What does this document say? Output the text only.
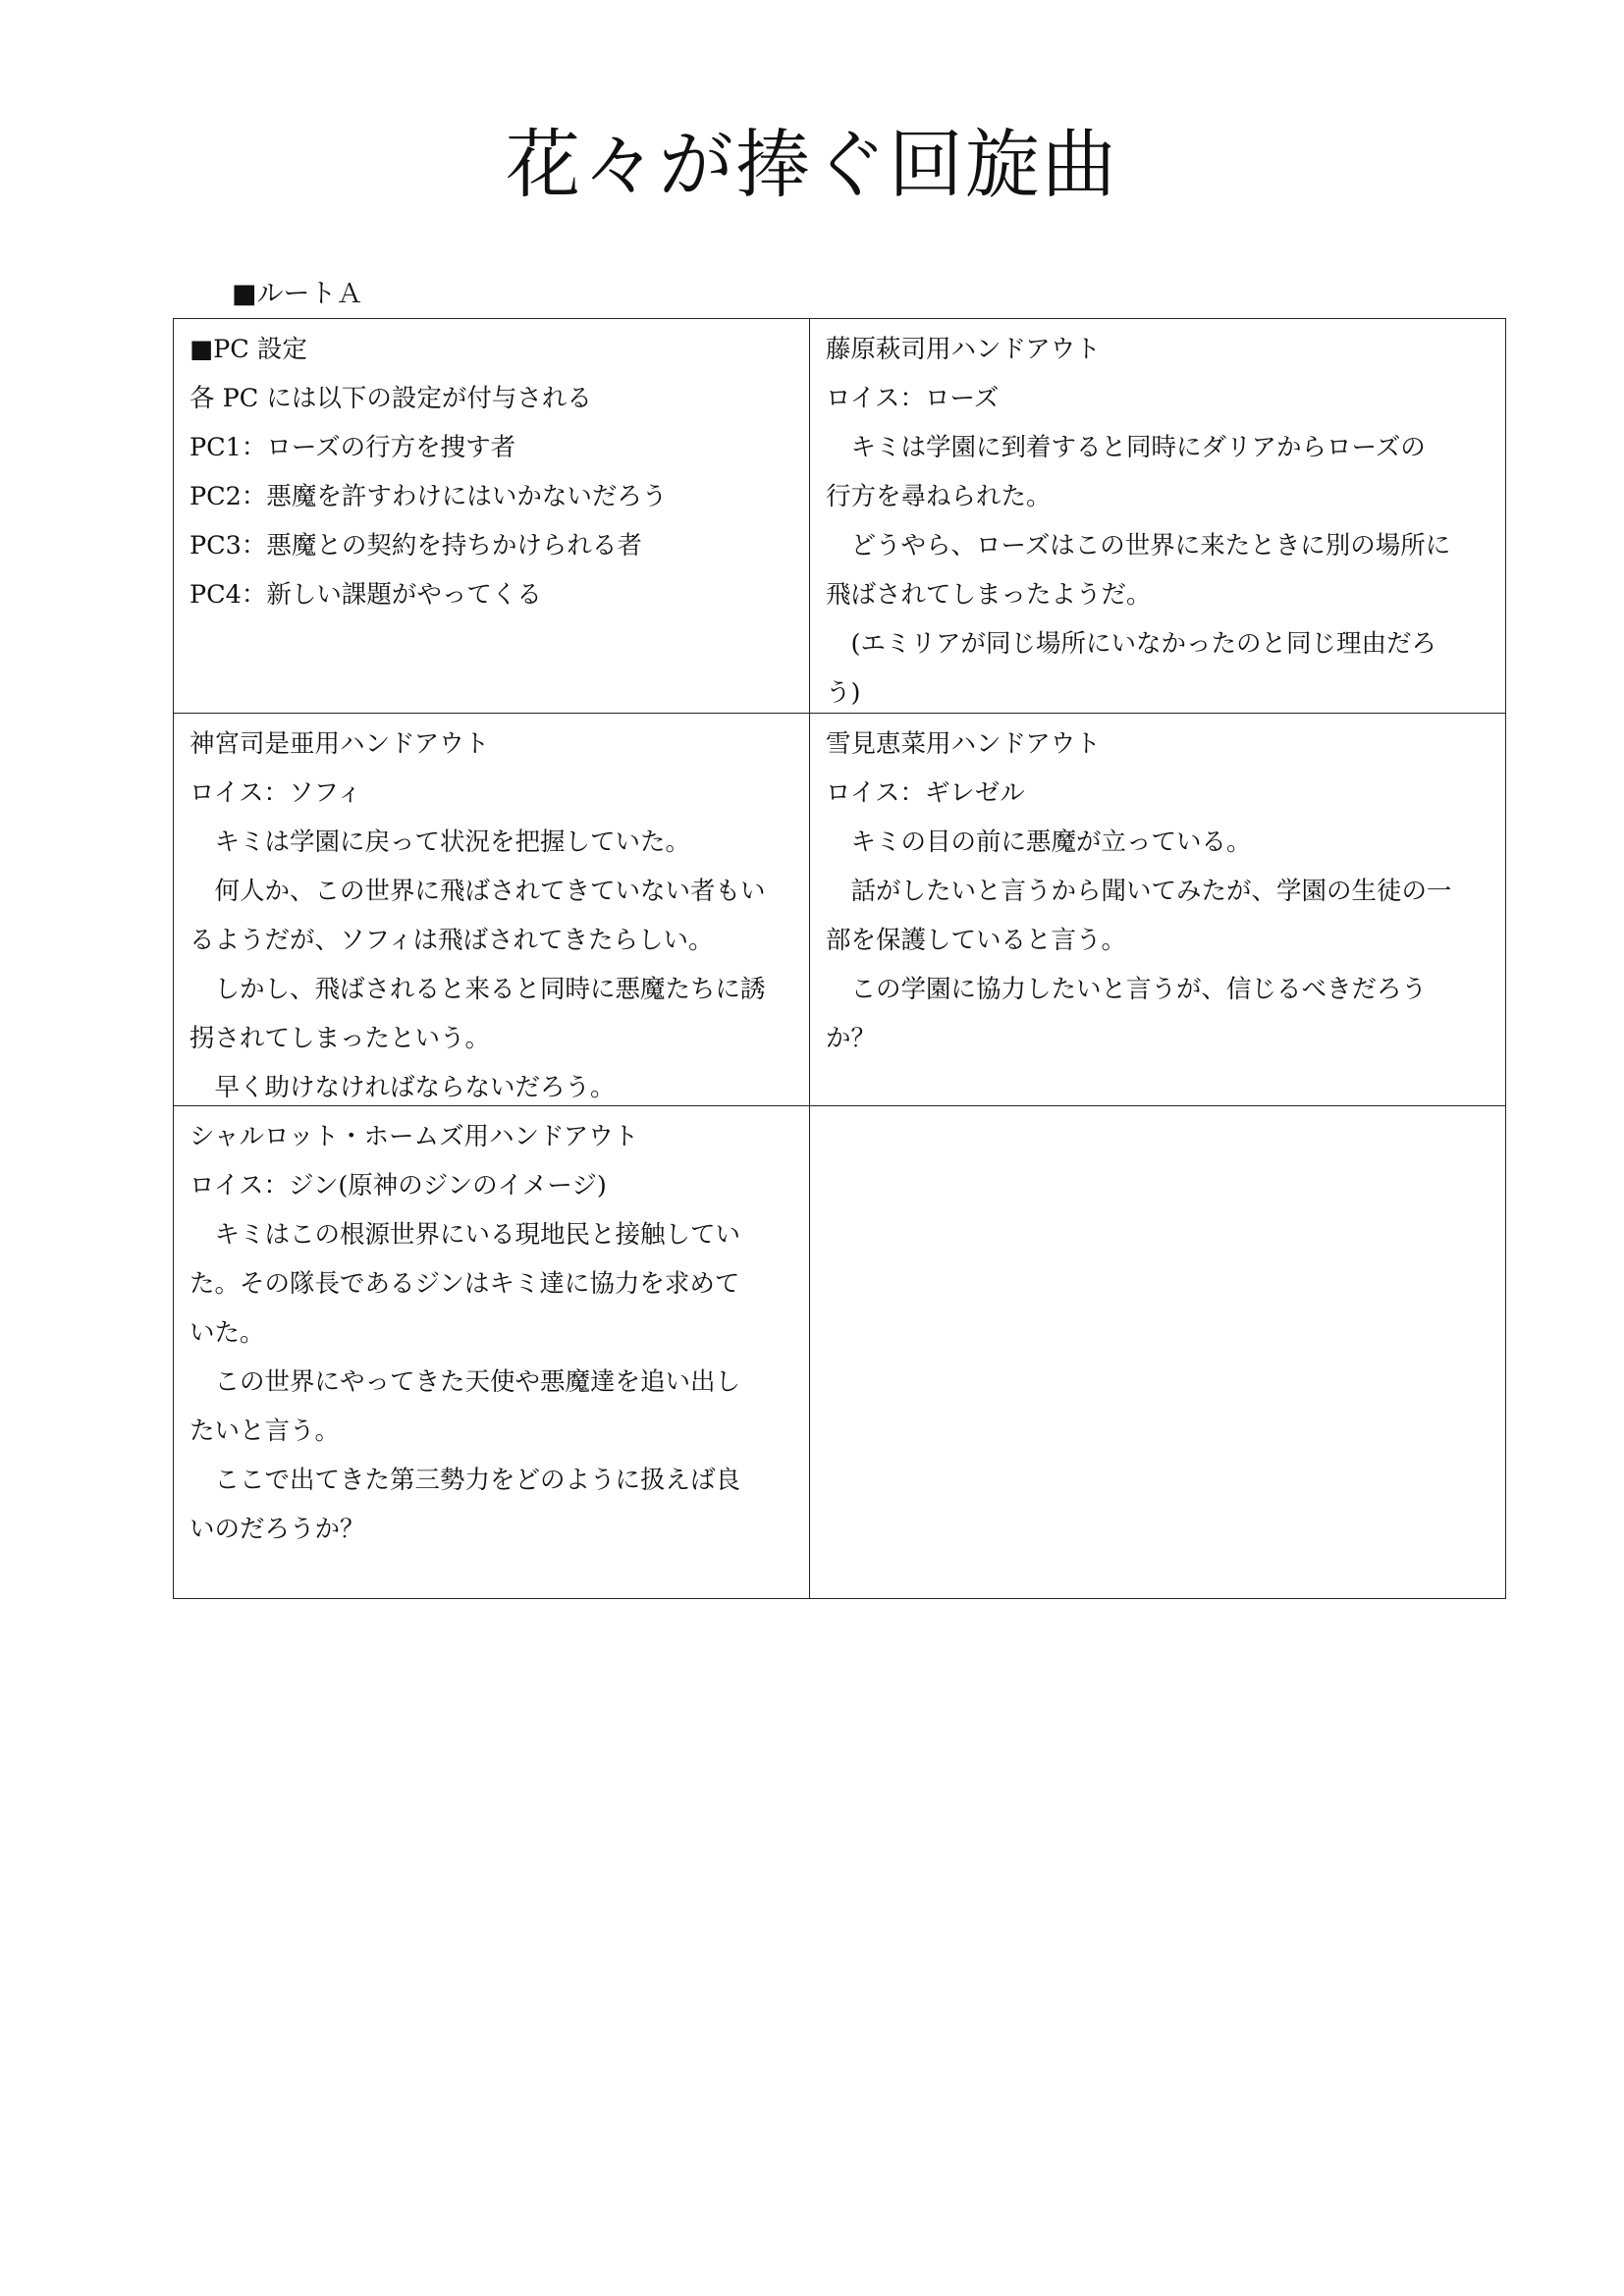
花々が捧ぐ回旋曲
■ルートＡ
■PC 設定
各 PC には以下の設定が付与される
PC1：ローズの行方を捜す者
PC2：悪魔を許すわけにはいかないだろう
PC3：悪魔との契約を持ちかけられる者
PC4：新しい課題がやってくる
藤原萩司用ハンドアウト
ロイス：ローズ
　キミは学園に到着すると同時にダリアからローズの
行方を尋ねられた。
　どうやら、ローズはこの世界に来たときに別の場所に
飛ばされてしまったようだ。
　(エミリアが同じ場所にいなかったのと同じ理由だろ
う)
神宮司是亜用ハンドアウト
ロイス：ソフィ
　キミは学園に戻って状況を把握していた。
　何人か、この世界に飛ばされてきていない者もい
るようだが、ソフィは飛ばされてきたらしい。
　しかし、飛ばされると来ると同時に悪魔たちに誘
拐されてしまったという。
　早く助けなければならないだろう。
雪見恵菜用ハンドアウト
ロイス：ギレゼル
　キミの目の前に悪魔が立っている。
　話がしたいと言うから聞いてみたが、学園の生徒の一
部を保護していると言う。
　この学園に協力したいと言うが、信じるべきだろう
か？
シャルロット・ホームズ用ハンドアウト
ロイス：ジン(原神のジンのイメージ)
　キミはこの根源世界にいる現地民と接触してい
た。その隊長であるジンはキミ達に協力を求めて
いた。
　この世界にやってきた天使や悪魔達を追い出し
たいと言う。
　ここで出てきた第三勢力をどのように扱えば良
いのだろうか？
